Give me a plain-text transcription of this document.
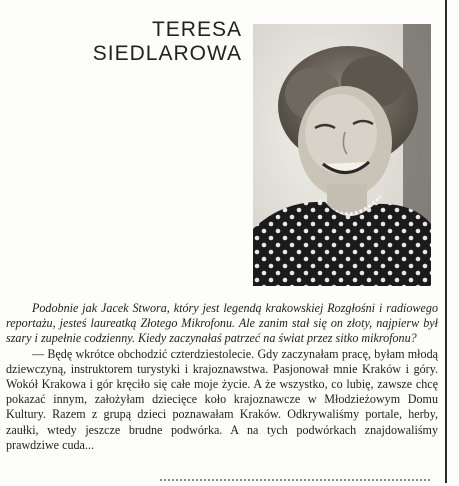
TERESA
SIEDLAROWA

Podobnie jak Jacek Stwora, który jest legendą krakowskiej Rozgłośni i radiowego reportażu, jesteś laureatką Złotego Mikrofonu. Ale zanim stał się on złoty, najpierw był szary i zupełnie codzienny. Kiedy zaczynałaś patrzeć na świat przez sitko mikrofonu?

— Będę wkrótce obchodzić czterdziestolecie. Gdy zaczynałam pracę, byłam młodą dziewczyną, instruktorem turystyki i krajoznawstwa. Pasjonował mnie Kraków i góry. Wokół Krakowa i gór kręciło się całe moje życie. A że wszystko, co lubię, zawsze chcę pokazać innym, założyłam dziecięce koło krajoznawcze w Młodzieżowym Domu Kultury. Razem z grupą dzieci poznawałam Kraków. Odkrywaliśmy portale, herby, zaułki, wtedy jeszcze brudne podwórka. A na tych podwórkach znajdowaliśmy prawdziwe cuda...
